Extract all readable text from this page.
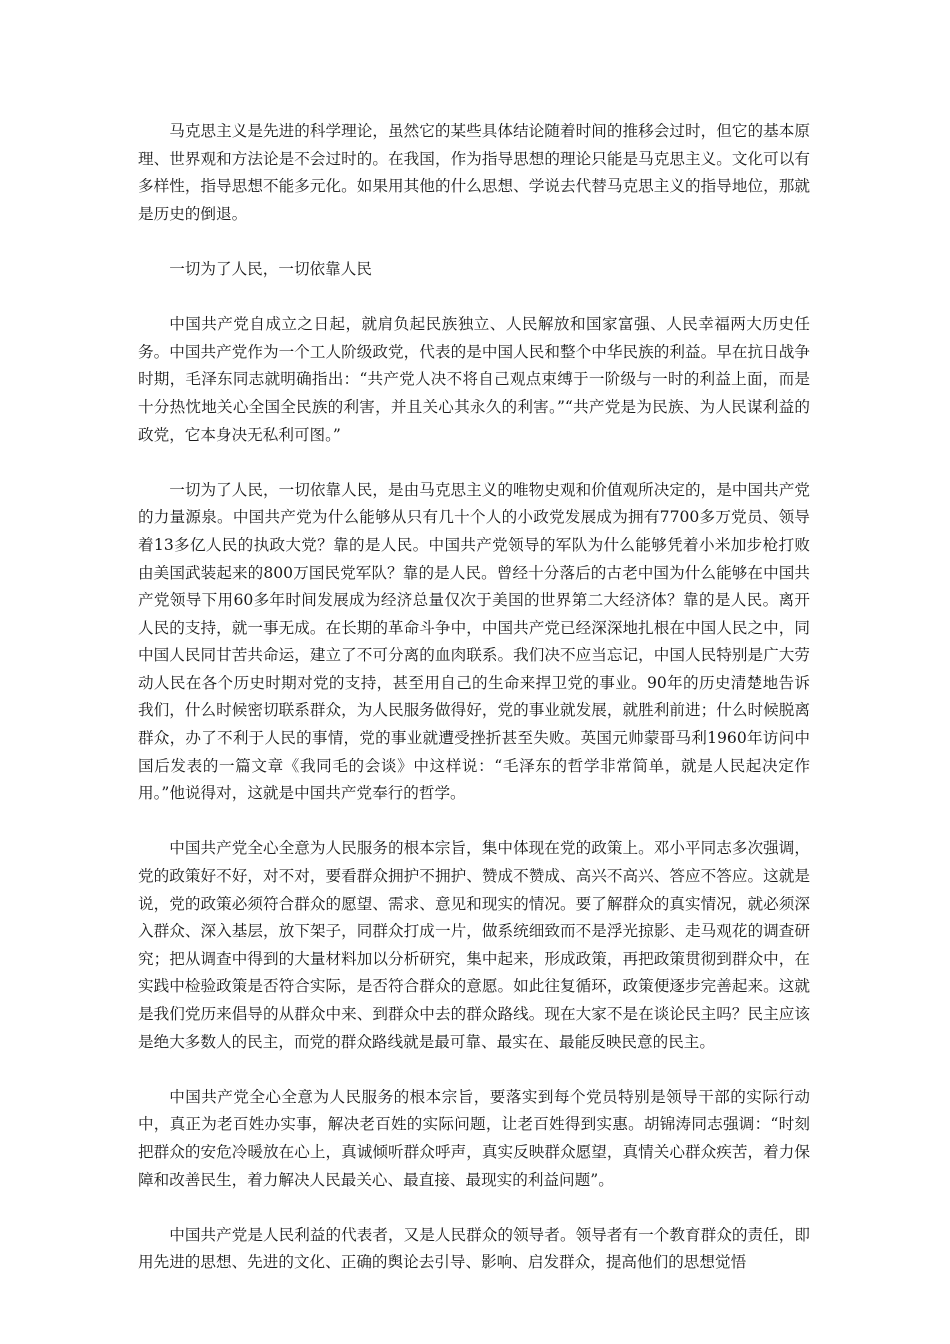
马克思主义是先进的科学理论，虽然它的某些具体结论随着时间的推移会过时，但它的基本原理、世界观和方法论是不会过时的。在我国，作为指导思想的理论只能是马克思主义。文化可以有多样性，指导思想不能多元化。如果用其他的什么思想、学说去代替马克思主义的指导地位，那就是历史的倒退。

一切为了人民，一切依靠人民

中国共产党自成立之日起，就肩负起民族独立、人民解放和国家富强、人民幸福两大历史任务。中国共产党作为一个工人阶级政党，代表的是中国人民和整个中华民族的利益。早在抗日战争时期，毛泽东同志就明确指出：“共产党人决不将自己观点束缚于一阶级与一时的利益上面，而是十分热忱地关心全国全民族的利害，并且关心其永久的利害。”“共产党是为民族、为人民谋利益的政党，它本身决无私利可图。”

一切为了人民，一切依靠人民，是由马克思主义的唯物史观和价值观所决定的，是中国共产党的力量源泉。中国共产党为什么能够从只有几十个人的小政党发展成为拥有7700多万党员、领导着13多亿人民的执政大党？靠的是人民。中国共产党领导的军队为什么能够凭着小米加步枪打败由美国武装起来的800万国民党军队？靠的是人民。曾经十分落后的古老中国为什么能够在中国共产党领导下用60多年时间发展成为经济总量仅次于美国的世界第二大经济体？靠的是人民。离开人民的支持，就一事无成。在长期的革命斗争中，中国共产党已经深深地扎根在中国人民之中，同中国人民同甘苦共命运，建立了不可分离的血肉联系。我们决不应当忘记，中国人民特别是广大劳动人民在各个历史时期对党的支持，甚至用自己的生命来捍卫党的事业。90年的历史清楚地告诉我们，什么时候密切联系群众，为人民服务做得好，党的事业就发展，就胜利前进；什么时候脱离群众，办了不利于人民的事情，党的事业就遭受挫折甚至失败。英国元帅蒙哥马利1960年访问中国后发表的一篇文章《我同毛的会谈》中这样说：“毛泽东的哲学非常简单，就是人民起决定作用。”他说得对，这就是中国共产党奉行的哲学。

中国共产党全心全意为人民服务的根本宗旨，集中体现在党的政策上。邓小平同志多次强调，党的政策好不好，对不对，要看群众拥护不拥护、赞成不赞成、高兴不高兴、答应不答应。这就是说，党的政策必须符合群众的愿望、需求、意见和现实的情况。要了解群众的真实情况，就必须深入群众、深入基层，放下架子，同群众打成一片，做系统细致而不是浮光掠影、走马观花的调查研究；把从调查中得到的大量材料加以分析研究，集中起来，形成政策，再把政策贯彻到群众中，在实践中检验政策是否符合实际，是否符合群众的意愿。如此往复循环，政策便逐步完善起来。这就是我们党历来倡导的从群众中来、到群众中去的群众路线。现在大家不是在谈论民主吗？民主应该是绝大多数人的民主，而党的群众路线就是最可靠、最实在、最能反映民意的民主。

中国共产党全心全意为人民服务的根本宗旨，要落实到每个党员特别是领导干部的实际行动中，真正为老百姓办实事，解决老百姓的实际问题，让老百姓得到实惠。胡锦涛同志强调：“时刻把群众的安危冷暖放在心上，真诚倾听群众呼声，真实反映群众愿望，真情关心群众疾苦，着力保障和改善民生，着力解决人民最关心、最直接、最现实的利益问题”。

中国共产党是人民利益的代表者，又是人民群众的领导者。领导者有一个教育群众的责任，即用先进的思想、先进的文化、正确的舆论去引导、影响、启发群众，提高他们的思想觉悟
